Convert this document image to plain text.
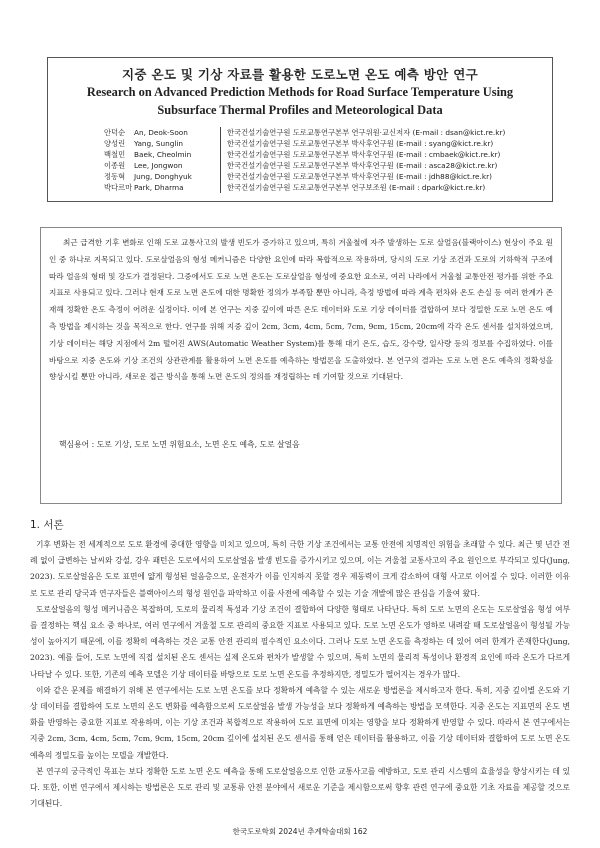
지중 온도 및 기상 자료를 활용한 도로노면 온도 예측 방안 연구
Research on Advanced Prediction Methods for Road Surface Temperature Using Subsurface Thermal Profiles and Meteorological Data
안덕순	An, Deok-Soon	한국건설기술연구원 도로교통연구본부 연구위원·교신저자 (E-mail : dsan@kict.re.kr)
양성린	Yang, Sunglin	한국건설기술연구원 도로교통연구본부 박사후연구원 (E-mail : syang@kict.re.kr)
백철민	Baek, Cheolmin	한국건설기술연구원 도로교통연구본부 박사후연구원 (E-mail : cmbaek@kict.re.kr)
이종원	Lee, Jongwon	한국건설기술연구원 도로교통연구본부 박사후연구원 (E-mail : asca28@kict.re.kr)
정동혁	Jung, Donghyuk	한국건설기술연구원 도로교통연구본부 박사후연구원 (E-mail : jdh88@kict.re.kr)
박다르마 Park, Dharma	한국건설기술연구원 도로교통연구본부 연구보조원 (E-mail : dpark@kict.re.kr)
최근 급격한 기후 변화로 인해 도로 교통사고의 발생 빈도가 증가하고 있으며, 특히 겨울철에 자주 발생하는 도로 살얼음(블랙아이스) 현상이 주요 원인 중 하나로 지목되고 있다. 도로살얼음의 형성 메커니즘은 다양한 요인에 따라 복합적으로 작용하며, 당시의 도로 기상 조건과 도로의 기하학적 구조에 따라 얼음의 형태 및 강도가 결정된다. 그중에서도 도로 노면 온도는 도로살얼음 형성에 중요한 요소로, 여러 나라에서 겨울철 교통안전 평가를 위한 주요 지표로 사용되고 있다. 그러나 현재 도로 노면 온도에 대한 명확한 정의가 부족할 뿐만 아니라, 측정 방법에 따라 계측 편차와 온도 손실 등 여러 한계가 존재해 정확한 온도 측정이 어려운 실정이다. 이에 본 연구는 지중 깊이에 따른 온도 데이터와 도로 기상 데이터를 결합하여 보다 정밀한 도로 노면 온도 예측 방법을 제시하는 것을 목적으로 한다. 연구를 위해 지중 깊이 2cm, 3cm, 4cm, 5cm, 7cm, 9cm, 15cm, 20cm에 각각 온도 센서를 설치하였으며, 기상 데이터는 해당 지점에서 2m 떨어진 AWS(Automatic Weather System)를 통해 대기 온도, 습도, 강수량, 일사량 등의 정보를 수집하였다. 이를 바탕으로 지중 온도와 기상 조건의 상관관계를 활용하여 노면 온도를 예측하는 방법론을 도출하였다. 본 연구의 결과는 도로 노면 온도 예측의 정확성을 향상시킬 뿐만 아니라, 새로운 접근 방식을 통해 노면 온도의 정의를 재정립하는 데 기여할 것으로 기대된다.
핵심용어 : 도로 기상, 도로 노면 위험요소, 노면 온도 예측, 도로 살얼음
1. 서론

기후 변화는 전 세계적으로 도로 환경에 중대한 영향을 미치고 있으며, 특히 극한 기상 조건에서는 교통 안전에 치명적인 위험을 초래할 수 있다. 최근 몇 년간 전례 없이 급변하는 날씨와 강설, 강우 패턴은 도로에서의 도로살얼음 발생 빈도를 증가시키고 있으며, 이는 겨울철 교통사고의 주요 원인으로 부각되고 있다(Jung, 2023). 도로살얼음은 도로 표면에 얇게 형성된 얼음층으로, 운전자가 이를 인지하지 못할 경우 제동력이 크게 감소하여 대형 사고로 이어질 수 있다. 이러한 이유로 도로 관리 당국과 연구자들은 블랙아이스의 형성 원인을 파악하고 이를 사전에 예측할 수 있는 기술 개발에 많은 관심을 기울여 왔다.

도로살얼음의 형성 메커니즘은 복잡하며, 도로의 물리적 특성과 기상 조건이 결합하여 다양한 형태로 나타난다. 특히 도로 노면의 온도는 도로살얼음 형성 여부를 결정하는 핵심 요소 중 하나로, 여러 연구에서 겨울철 도로 관리의 중요한 지표로 사용되고 있다. 도로 노면 온도가 영하로 내려갈 때 도로살얼음이 형성될 가능성이 높아지기 때문에, 이를 정확히 예측하는 것은 교통 안전 관리의 필수적인 요소이다. 그러나 도로 노면 온도를 측정하는 데 있어 여러 한계가 존재한다(Jung, 2023). 예를 들어, 도로 노면에 직접 설치된 온도 센서는 실제 온도와 편차가 발생할 수 있으며, 특히 노면의 물리적 특성이나 환경적 요인에 따라 온도가 다르게 나타날 수 있다. 또한, 기존의 예측 모델은 기상 데이터를 바탕으로 도로 노면 온도를 추정하지만, 정밀도가 떨어지는 경우가 많다.

이와 같은 문제를 해결하기 위해 본 연구에서는 도로 노면 온도를 보다 정확하게 예측할 수 있는 새로운 방법론을 제시하고자 한다. 특히, 지중 깊이별 온도와 기상 데이터를 결합하여 도로 노면의 온도 변화를 예측함으로써 도로살얼음 발생 가능성을 보다 정확하게 예측하는 방법을 모색한다. 지중 온도는 지표면의 온도 변화를 반영하는 중요한 지표로 작용하며, 이는 기상 조건과 복합적으로 작용하여 도로 표면에 미치는 영향을 보다 정확하게 반영할 수 있다. 따라서 본 연구에서는 지중 2cm, 3cm, 4cm, 5cm, 7cm, 9cm, 15cm, 20cm 깊이에 설치된 온도 센서를 통해 얻은 데이터를 활용하고, 이를 기상 데이터와 결합하여 도로 노면 온도 예측의 정밀도를 높이는 모델을 개발한다.

본 연구의 궁극적인 목표는 보다 정확한 도로 노면 온도 예측을 통해 도로살얼음으로 인한 교통사고를 예방하고, 도로 관리 시스템의 효율성을 향상시키는 데 있다. 또한, 이번 연구에서 제시하는 방법론은 도로 관리 및 교통류 안전 분야에서 새로운 기준을 제시함으로써 향후 관련 연구에 중요한 기초 자료를 제공할 것으로 기대된다.

한국도로학회 2024년 추계학술대회 162
